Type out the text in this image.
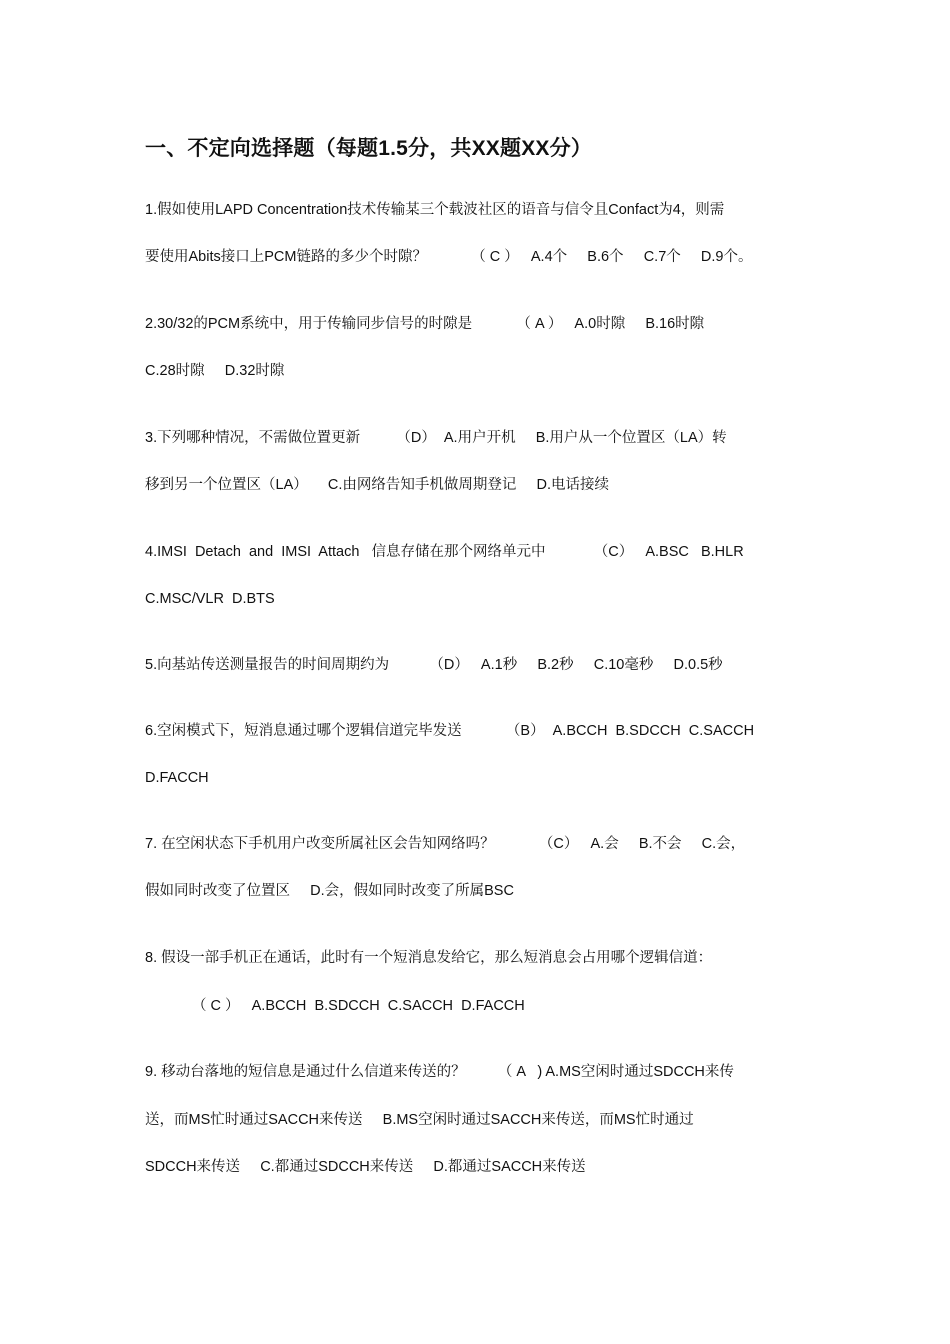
一、不定向选择题（每题1.5分，共XX题XX分）
1.假如使用LAPD Concentration技术传输某三个载波社区的语音与信令且Confact为4，则需
要使用Abits接口上PCM链路的多少个时隙？           （ C ）   A.4个     B.6个     C.7个     D.9个。
2.30/32的PCM系统中，用于传输同步信号的时隙是           （ A ）   A.0时隙     B.16时隙
C.28时隙     D.32时隙
3.下列哪种情况，不需做位置更新         （D）  A.用户开机     B.用户从一个位置区（LA）转
移到另一个位置区（LA）     C.由网络告知手机做周期登记     D.电话接续
4.IMSI  Detach  and  IMSI  Attach   信息存储在那个网络单元中            （C）   A.BSC   B.HLR
C.MSC/VLR  D.BTS
5.向基站传送测量报告的时间周期约为          （D）   A.1秒     B.2秒     C.10毫秒     D.0.5秒
6.空闲模式下，短消息通过哪个逻辑信道完毕发送           （B）  A.BCCH  B.SDCCH  C.SACCH
D.FACCH
7. 在空闲状态下手机用户改变所属社区会告知网络吗？           （C）   A.会     B.不会     C.会，
假如同时改变了位置区     D.会，假如同时改变了所属BSC
8. 假设一部手机正在通话，此时有一个短消息发给它，那么短消息会占用哪个逻辑信道：
（ C ）   A.BCCH  B.SDCCH  C.SACCH  D.FACCH
9. 移动台落地的短信息是通过什么信道来传送的？        （ A   ) A.MS空闲时通过SDCCH来传
送，而MS忙时通过SACCH来传送     B.MS空闲时通过SACCH来传送，而MS忙时通过
SDCCH来传送     C.都通过SDCCH来传送     D.都通过SACCH来传送
